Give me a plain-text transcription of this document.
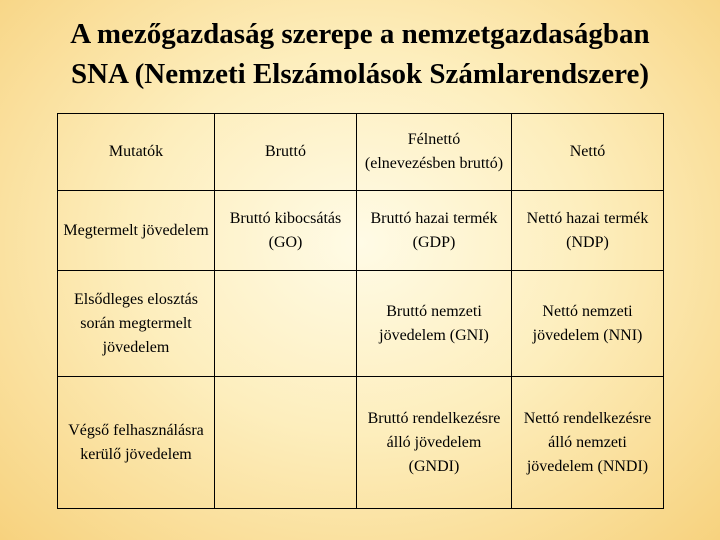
A mezőgazdaság szerepe a nemzetgazdaságban
SNA (Nemzeti Elszámolások Számlarendszere)
Mutatók	Bruttó	Félnettó (elnevezésben bruttó)	Nettó
Megtermelt jövedelem	Bruttó kibocsátás (GO)	Bruttó hazai termék (GDP)	Nettó hazai termék (NDP)
Elsődleges elosztás során megtermelt jövedelem		Bruttó nemzeti jövedelem (GNI)	Nettó nemzeti jövedelem (NNI)
Végső felhasználásra kerülő jövedelem		Bruttó rendelkezésre álló jövedelem (GNDI)	Nettó rendelkezésre álló nemzeti jövedelem (NNDI)
